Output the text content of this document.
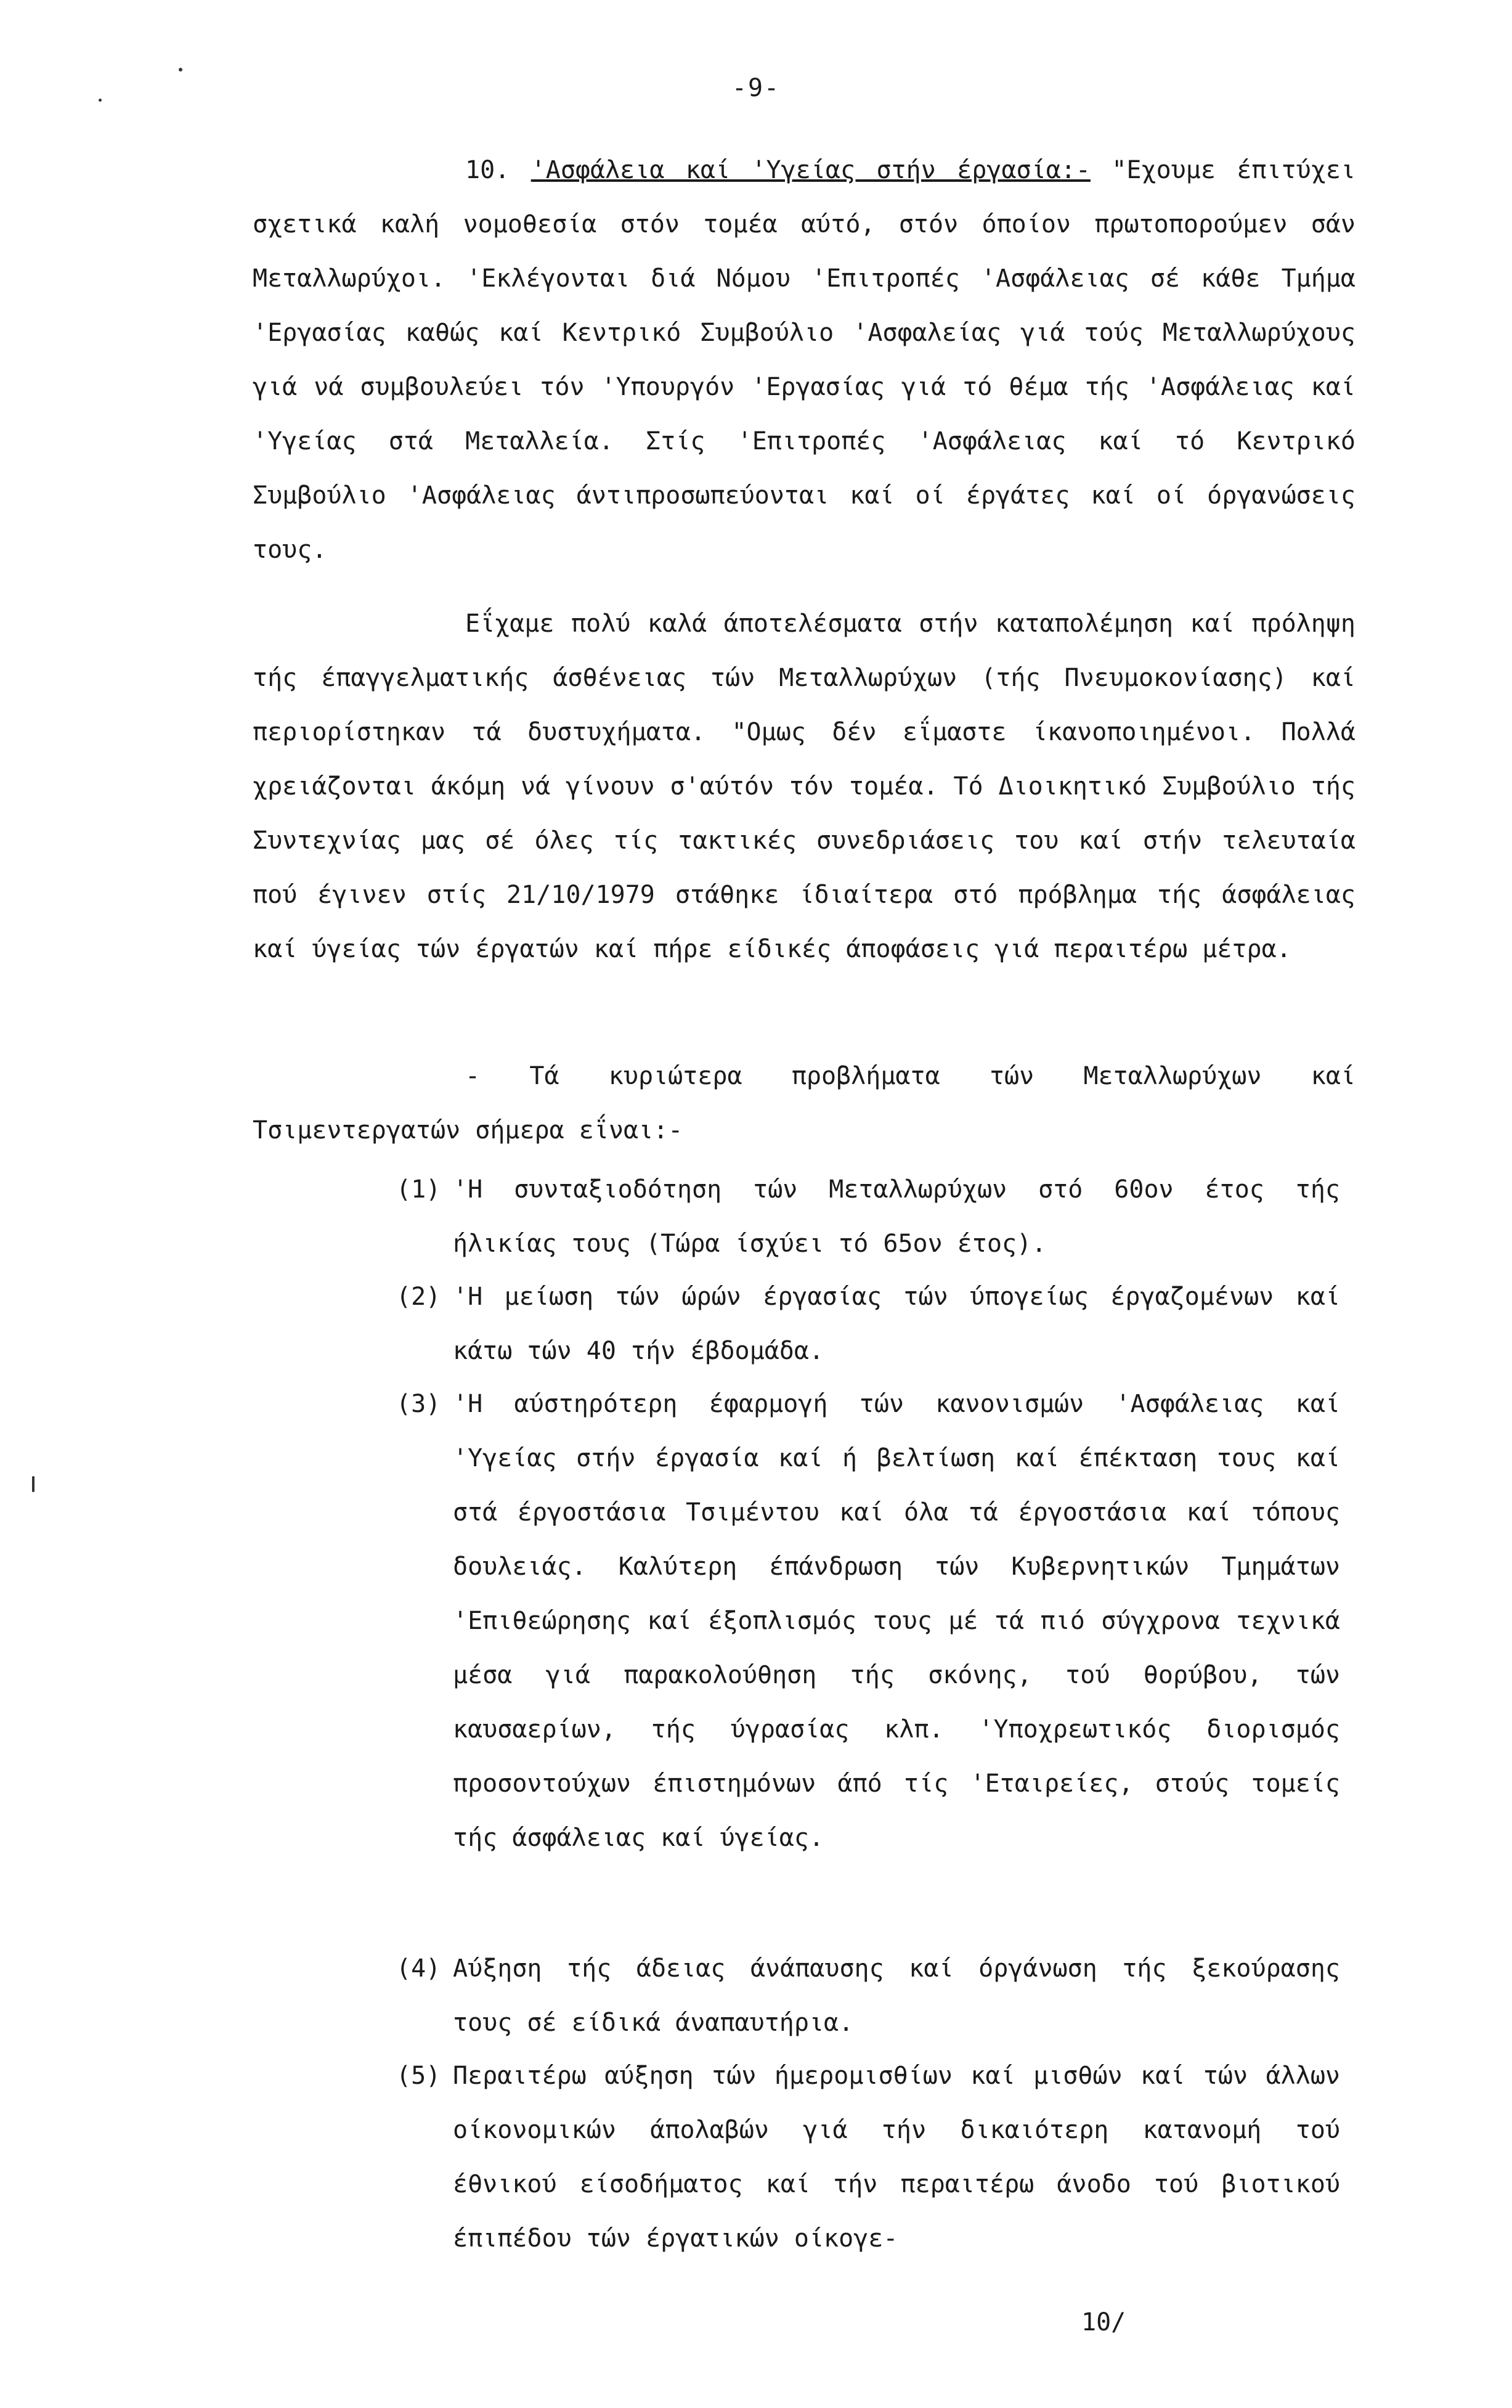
-9-

10. 'Ασφάλεια καί 'Υγείας στήν έργασία:- "Εχουμε έπιτύχει σχετικά καλή νομοθεσία στόν τομέα αύτό, στόν όποίον πρωτοπορούμεν σάν Μεταλλωρύχοι. 'Εκλέγονται διά Νόμου 'Επιτροπές 'Ασφάλειας σέ κάθε Τμήμα 'Εργασίας καθώς καί Κεντρικό Συμβούλιο 'Ασφαλείας γιά τούς Μεταλλωρύχους γιά νά συμβουλεύει τόν 'Υπουργόν 'Εργασίας γιά τό θέμα τής 'Ασφάλειας καί 'Υγείας στά Μεταλλεία. Στίς 'Επιτροπές 'Ασφάλειας καί τό Κεντρικό Συμβούλιο 'Ασφάλειας άντιπροσωπεύονται καί οί έργάτες καί οί όργανώσεις τους.

Εΐχαμε πολύ καλά άποτελέσματα στήν καταπολέμηση καί πρόληψη τής έπαγγελματικής άσθένειας τών Μεταλλωρύχων (τής Πνευμοκονίασης) καί περιορίστηκαν τά δυστυχήματα. "Ομως δέν εΐμαστε ίκανοποιημένοι. Πολλά χρειάζονται άκόμη νά γίνουν σ'αύτόν τόν τομέα. Τό Διοικητικό Συμβούλιο τής Συντεχνίας μας σέ όλες τίς τακτικές συνεδριάσεις του καί στήν τελευταία πού έγινεν στίς 21/10/1979 στάθηκε ίδιαίτερα στό πρόβλημα τής άσφάλειας καί ύγείας τών έργατών καί πήρε είδικές άποφάσεις γιά περαιτέρω μέτρα.

- Τά κυριώτερα προβλήματα τών Μεταλλωρύχων καί Τσιμεντεργατών σήμερα εΐναι:-

(1) 'Η συνταξιοδότηση τών Μεταλλωρύχων στό 60ον έτος τής ήλικίας τους (Τώρα ίσχύει τό 65ον έτος).
(2) 'Η μείωση τών ώρών έργασίας τών ύπογείως έργαζομένων καί κάτω τών 40 τήν έβδομάδα.
(3) 'Η αύστηρότερη έφαρμογή τών κανονισμών 'Ασφάλειας καί 'Υγείας στήν έργασία καί ή βελτίωση καί έπέκταση τους καί στά έργοστάσια Τσιμέντου καί όλα τά έργοστάσια καί τόπους δουλειάς. Καλύτερη έπάνδρωση τών Κυβερνητικών Τμημάτων 'Επιθεώρησης καί έξοπλισμός τους μέ τά πιό σύγχρονα τεχνικά μέσα γιά παρακολούθηση τής σκόνης, τού θορύβου, τών καυσαερίων, τής ύγρασίας κλπ. 'Υποχρεωτικός διορισμός προσοντούχων έπιστημόνων άπό τίς 'Εταιρείες, στούς τομείς τής άσφάλειας καί ύγείας.
(4) Αύξηση τής άδειας άνάπαυσης καί όργάνωση τής ξεκούρασης τους σέ είδικά άναπαυτήρια.
(5) Περαιτέρω αύξηση τών ήμερομισθίων καί μισθών καί τών άλλων οίκονομικών άπολαβών γιά τήν δικαιότερη κατανομή τού έθνικού είσοδήματος καί τήν περαιτέρω άνοδο τού βιοτικού έπιπέδου τών έργατικών οίκογε-
10/
